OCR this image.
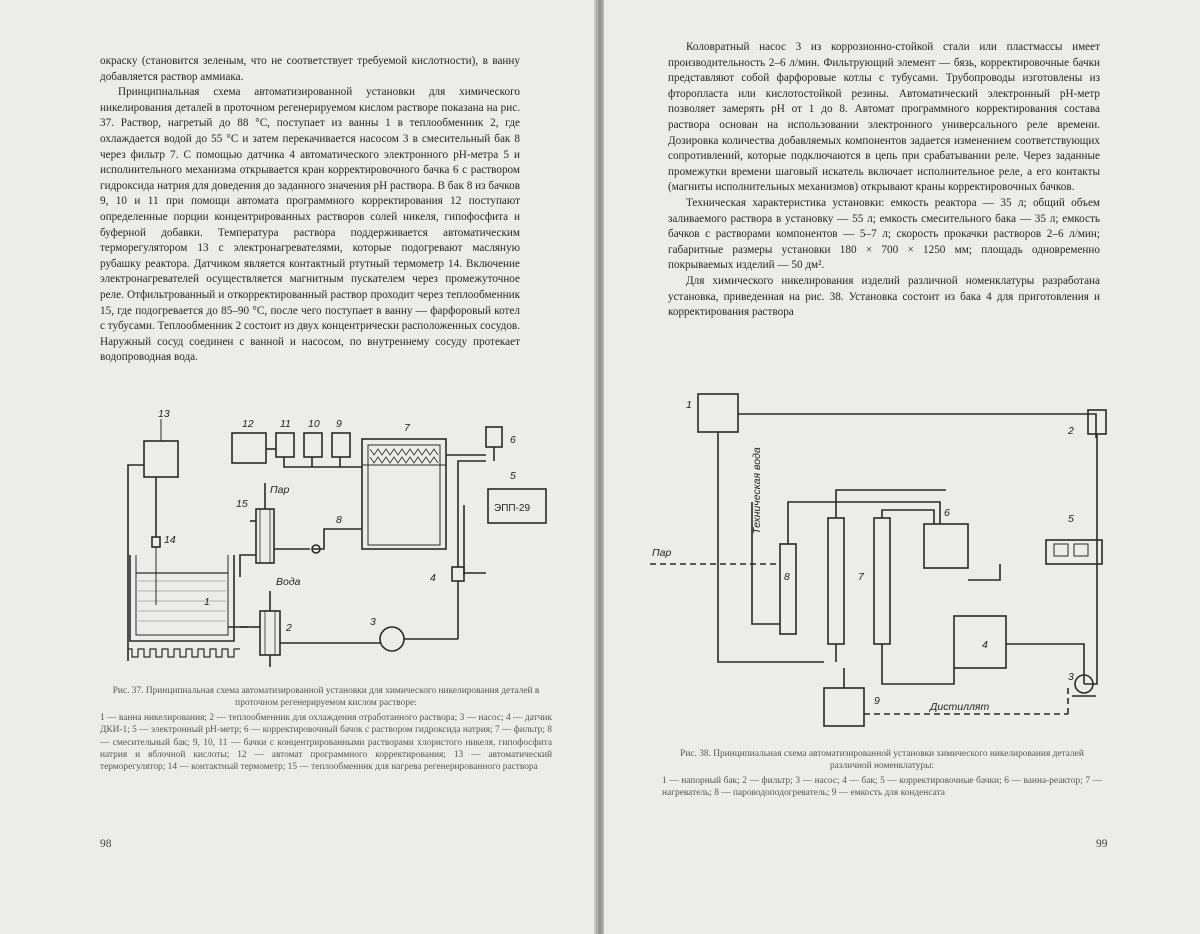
окраску (становится зеленым, что не соответствует требуемой кислотности), в ванну добавляется раствор аммиака.

Принципиальная схема автоматизированной установки для химического никелирования деталей в проточном регенерируемом кислом растворе показана на рис. 37. Раствор, нагретый до 88 °С, поступает из ванны 1 в теплообменник 2, где охлаждается водой до 55 °С и затем перекачивается насосом 3 в смесительный бак 8 через фильтр 7. С помощью датчика 4 автоматического электронного рН-метра 5 и исполнительного механизма открывается кран корректировочного бачка 6 с раствором гидроксида натрия для доведения до заданного значения рН раствора. В бак 8 из бачков 9, 10 и 11 при помощи автомата программного корректирования 12 поступают определенные порции концентрированных растворов солей никеля, гипофосфита и буферной добавки. Температура раствора поддерживается автоматическим терморегулятором 13 с электронагревателями, которые подогревают масляную рубашку реактора. Датчиком является контактный ртутный термометр 14. Включение электронагревателей осуществляется магнитным пускателем через промежуточное реле. Отфильтрованный и откорректированный раствор проходит через теплообменник 15, где подогревается до 85–90 °С, после чего поступает в ванну — фарфоровый котел с тубусами. Теплообменник 2 состоит из двух концентрически расположенных сосудов. Наружный сосуд соединен с ванной и насосом, по внутреннему сосуду протекает водопроводная вода.

13
12	11 10 9	7
6
5
15
8
14
1
2	3
4
Пар
Вода
ЭПП-29
Рис. 37. Принципиальная схема автоматизированной установки для химического никелирования деталей в проточном регенерируемом кислом растворе:
1 — ванна никелирования; 2 — теплообменник для охлаждения отработанного раствора; 3 — насос; 4 — датчик ДКИ-1; 5 — электронный рН-метр; 6 — корректировочный бачок с раствором гидроксида натрия; 7 — фильтр; 8 — смесительный бак; 9, 10, 11 — бачки с концентрированными растворами хлористого никеля, гипофосфита натрия и яблочной кислоты; 12 — автомат программного корректирования; 13 — автоматический терморегулятор; 14 — контактный термометр; 15 — теплообменник для нагрева регенерированного раствора
98

Коловратный насос 3 из коррозионно-стойкой стали или пластмассы имеет производительность 2–6 л/мин. Фильтрующий элемент — бязь, корректировочные бачки представляют собой фарфоровые котлы с тубусами. Трубопроводы изготовлены из фторопласта или кислотостойкой резины. Автоматический электронный рН-метр позволяет замерять рН от 1 до 8. Автомат программного корректирования состава раствора основан на использовании электронного универсального реле времени. Дозировка количества добавляемых компонентов задается изменением соответствующих сопротивлений, которые подключаются в цепь при срабатывании реле. Через заданные промежутки времени шаговый искатель включает исполнительное реле, а его контакты (магниты исполнительных механизмов) открывают краны корректировочных бачков.

Техническая характеристика установки: емкость реактора — 35 л; общий объем заливаемого раствора в установку — 55 л; емкость смесительного бака — 35 л; емкость бачков с растворами компонентов — 5–7 л; скорость прокачки растворов 2–6 л/мин; габаритные размеры установки 180 × 700 × 1250 мм; площадь одновременно покрываемых изделий — 50 дм².

Для химического никелирования изделий различной номенклатуры разработана установка, приведенная на рис. 38. Установка состоит из бака 4 для приготовления и корректирования раствора

1
2
3
4
5
6
7
8
9
Пар
Дистиллят
Техническая вода
Рис. 38. Принципиальная схема автоматизированной установки химического никелирования деталей различной номенклатуры:
1 — напорный бак; 2 — фильтр; 3 — насос; 4 — бак; 5 — корректировочные бачки; 6 — ванна-реактор; 7 — нагреватель; 8 — пароводоподогреватель; 9 — емкость для конденсата
99
